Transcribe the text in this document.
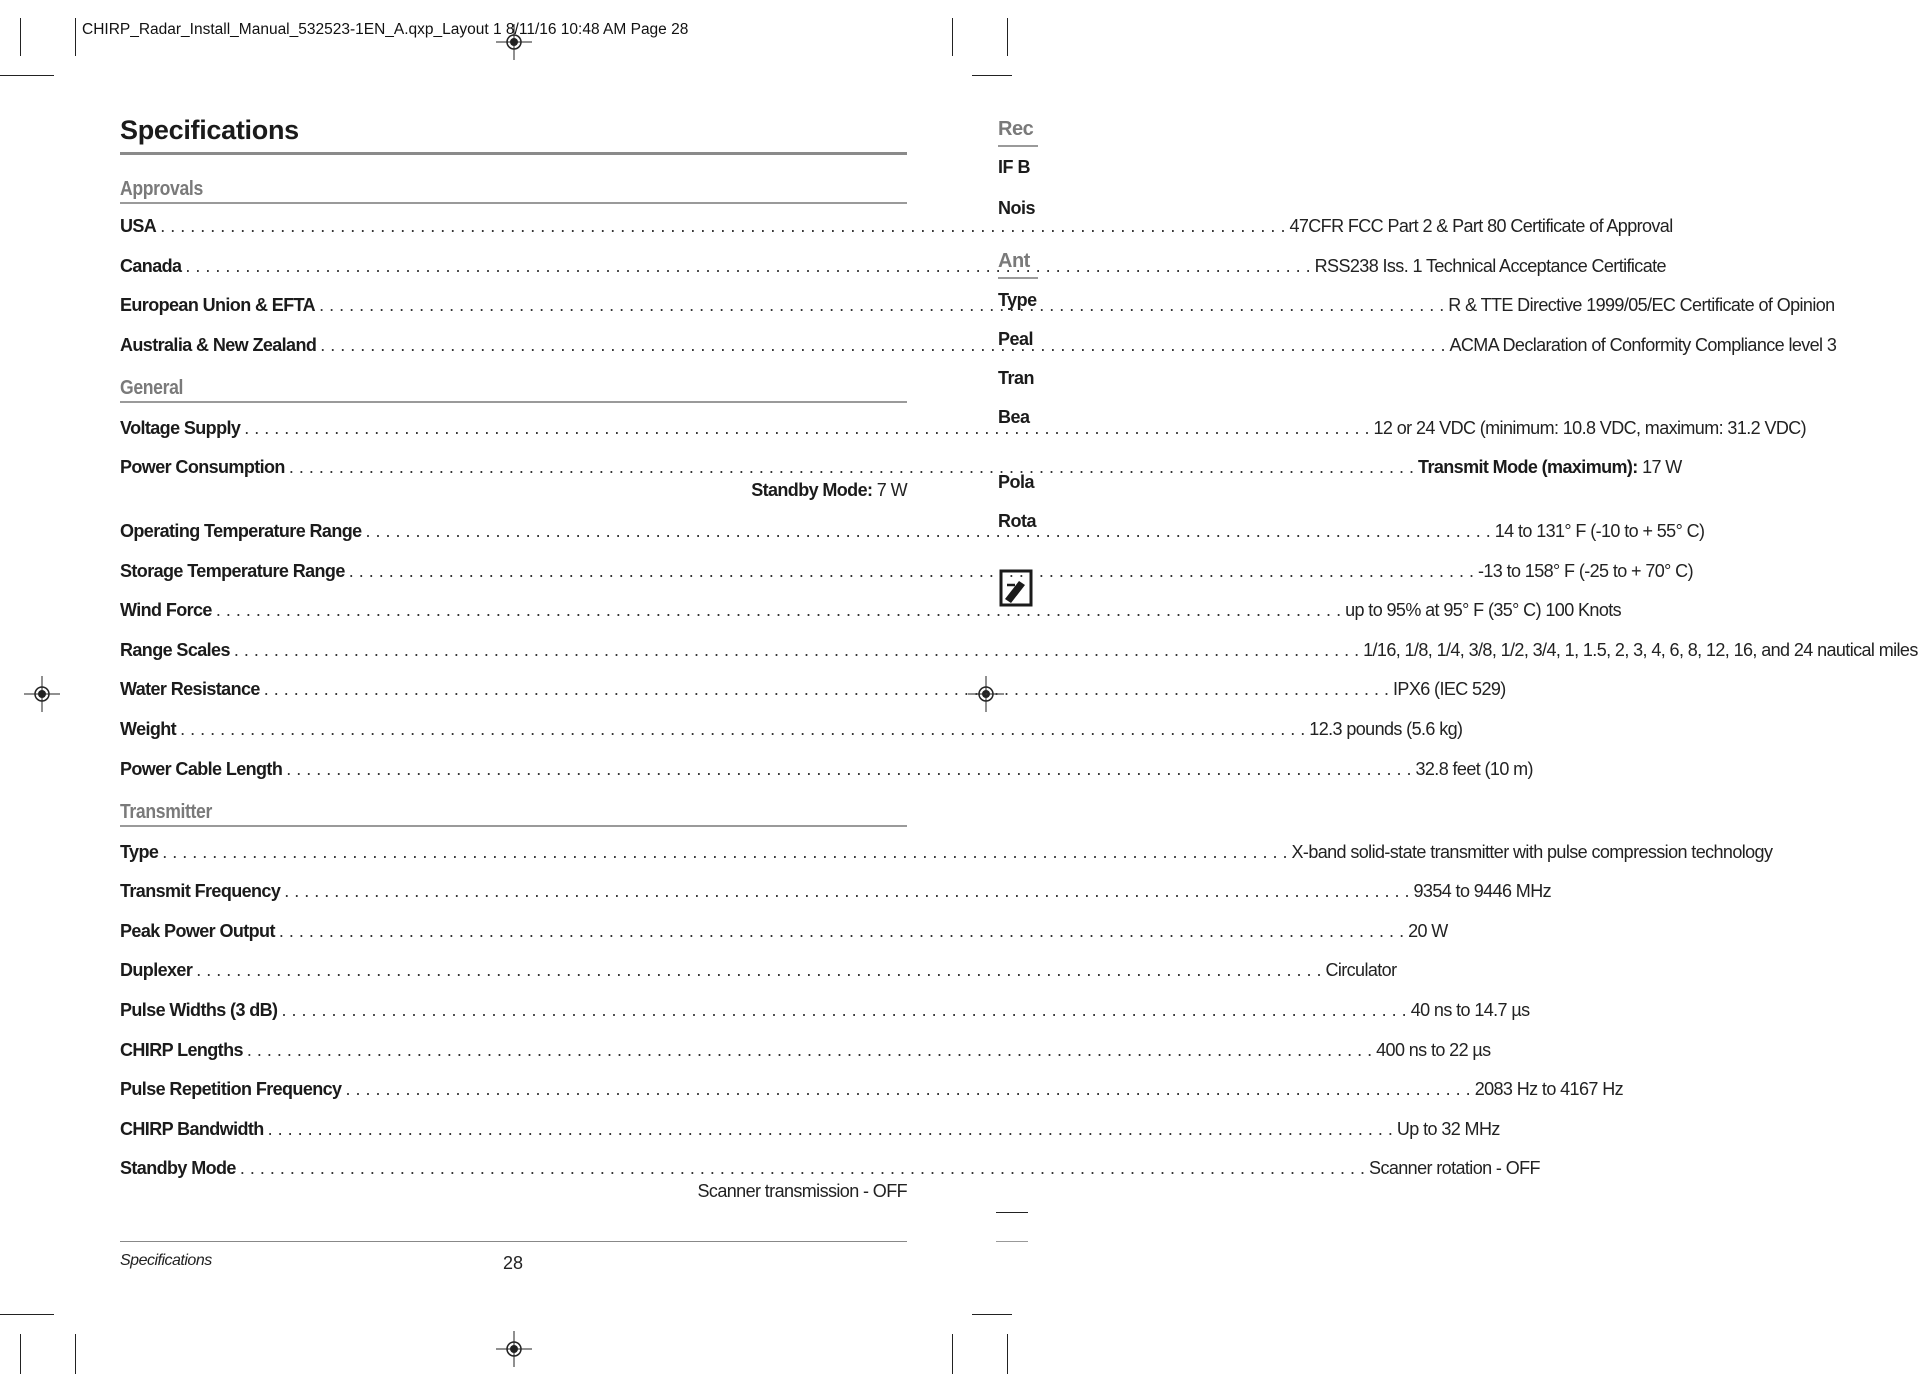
CHIRP_Radar_Install_Manual_532523-1EN_A.qxp_Layout 1 8/11/16 10:48 AM Page 28
Specifications
Approvals
USA . . .	47CFR FCC Part 2 & Part 80 Certificate of Approval
Canada . . .	RSS238 Iss. 1 Technical Acceptance Certificate
European Union & EFTA . . .	R & TTE Directive 1999/05/EC Certificate of Opinion
Australia & New Zealand . . .	ACMA Declaration of Conformity Compliance level 3
General
Voltage Supply . . .	12 or 24 VDC (minimum: 10.8 VDC, maximum: 31.2 VDC)
Power Consumption . . .	Transmit Mode (maximum): 17 W
Standby Mode: 7 W
Operating Temperature Range . . .	14 to 131° F (-10 to + 55° C)
Storage Temperature Range . . .	-13 to 158° F (-25 to + 70° C)
Wind Force . . .	up to 95% at 95° F (35° C) 100 Knots
Range Scales . . .	1/16, 1/8, 1/4, 3/8, 1/2, 3/4, 1, 1.5, 2, 3, 4, 6, 8, 12, 16, and 24 nautical miles
Water Resistance . . .	IPX6 (IEC 529)
Weight . . .	12.3 pounds (5.6 kg)
Power Cable Length . . .	32.8 feet (10 m)
Transmitter
Type . . .	X-band solid-state transmitter with pulse compression technology
Transmit Frequency . . .	9354 to 9446 MHz
Peak Power Output . . .	20 W
Duplexer . . .	Circulator
Pulse Widths (3 dB) . . .	40 ns to 14.7 µs
CHIRP Lengths . . .	400 ns to 22 µs
Pulse Repetition Frequency . . .	2083 Hz to 4167 Hz
CHIRP Bandwidth . . .	Up to 32 MHz
Standby Mode . . .	Scanner rotation - OFF
Scanner transmission - OFF
Specifications	28
Rec
IF B
Nois
Ant
Type
Peal
Tran
Bea
Pola
Rota
